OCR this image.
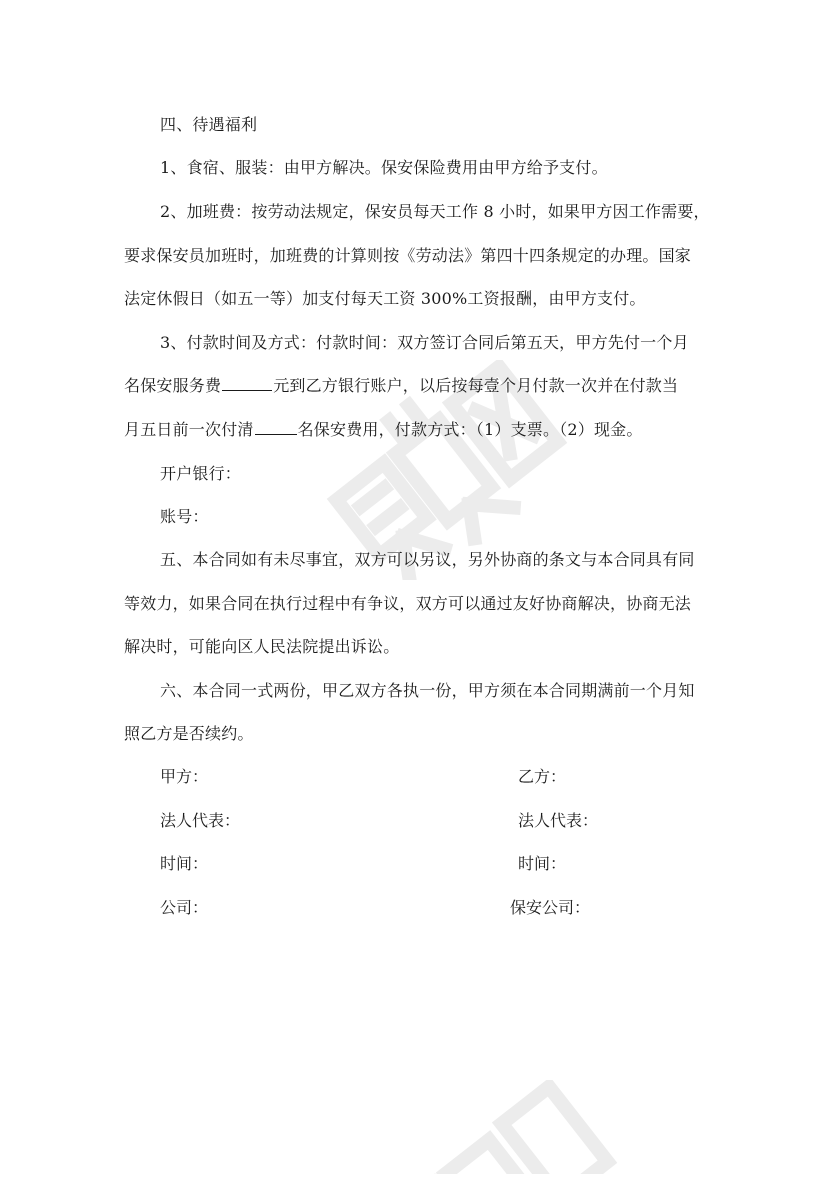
四、待遇福利
1、食宿、服装：由甲方解决。保安保险费用由甲方给予支付。
2、加班费：按劳动法规定，保安员每天工作 8 小时，如果甲方因工作需要，
要求保安员加班时，加班费的计算则按《劳动法》第四十四条规定的办理。国家
法定休假日（如五一等）加支付每天工资 300%工资报酬，由甲方支付。
3、付款时间及方式：付款时间：双方签订合同后第五天，甲方先付一个月
名保安服务费	元到乙方银行账户，以后按每壹个月付款一次并在付款当
月五日前一次付清	名保安费用，付款方式：（1）支票。（2）现金。
开户银行：
账号：
五、本合同如有未尽事宜，双方可以另议，另外协商的条文与本合同具有同
等效力，如果合同在执行过程中有争议，双方可以通过友好协商解决，协商无法
解决时，可能向区人民法院提出诉讼。
六、本合同一式两份，甲乙双方各执一份，甲方须在本合同期满前一个月知
照乙方是否续约。
甲方：	乙方：
法人代表：	法人代表：
时间：	时间：
公司：	保安公司：
